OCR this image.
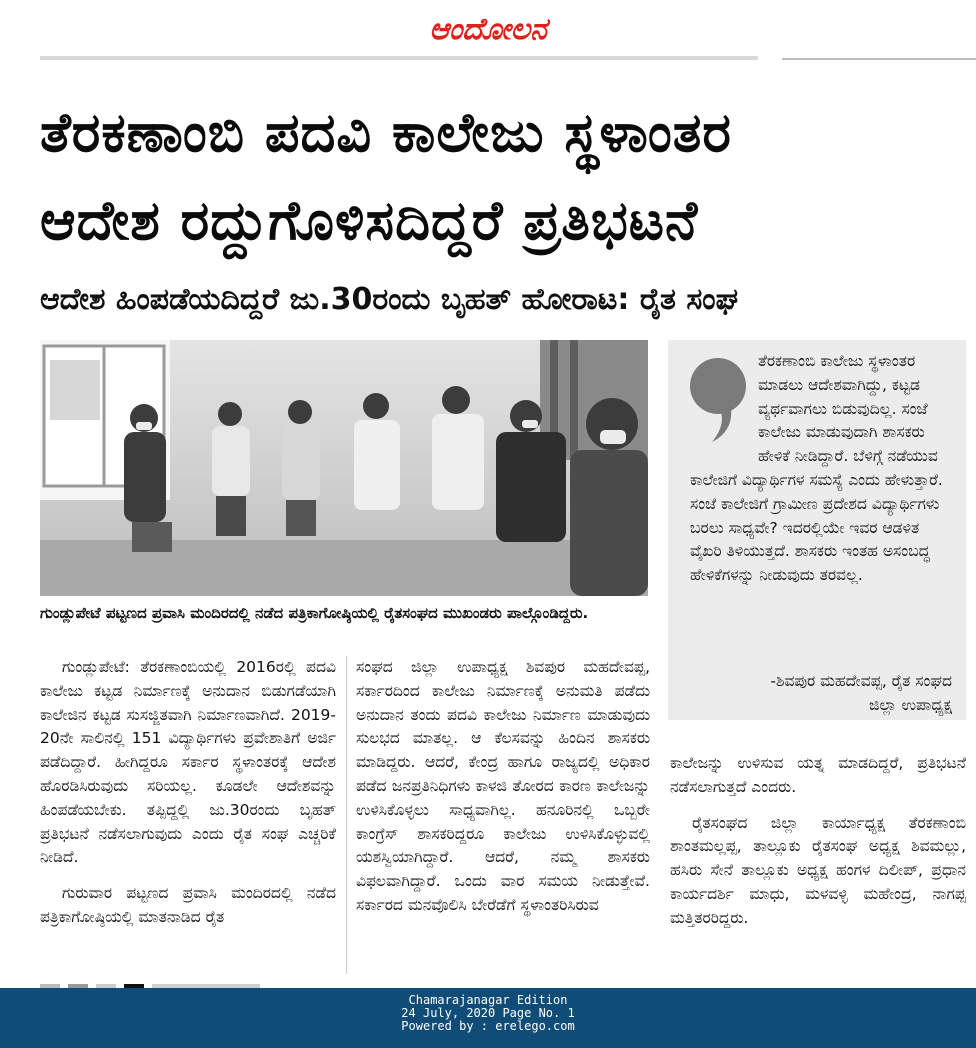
ಆಂದೋಲನ
ತೆರಕಣಾಂಬಿ ಪದವಿ ಕಾಲೇಜು ಸ್ಥಳಾಂತರ
ಆದೇಶ ರದ್ದುಗೊಳಿಸದಿದ್ದರೆ ಪ್ರತಿಭಟನೆ
ಆದೇಶ ಹಿಂಪಡೆಯದಿದ್ದರೆ ಜು.30ರಂದು ಬೃಹತ್ ಹೋರಾಟ: ರೈತ ಸಂಘ
ಗುಂಡ್ಲುಪೇಟೆ ಪಟ್ಟಣದ ಪ್ರವಾಸಿ ಮಂದಿರದಲ್ಲಿ ನಡೆದ ಪತ್ರಿಕಾಗೋಷ್ಠಿಯಲ್ಲಿ ರೈತಸಂಘದ ಮುಖಂಡರು ಪಾಲ್ಗೊಂಡಿದ್ದರು.

ಗುಂಡ್ಲುಪೇಟೆ: ತೆರಕಣಾಂಬಿಯಲ್ಲಿ 2016ರಲ್ಲಿ ಪದವಿ ಕಾಲೇಜು ಕಟ್ಟಡ ನಿರ್ಮಾಣಕ್ಕೆ ಅನುದಾನ ಬಿಡುಗಡೆಯಾಗಿ ಕಾಲೇಜಿನ ಕಟ್ಟಡ ಸುಸಜ್ಜಿತವಾಗಿ ನಿರ್ಮಾಣವಾಗಿದೆ. 2019-20ನೇ ಸಾಲಿನಲ್ಲಿ 151 ವಿದ್ಯಾರ್ಥಿಗಳು ಪ್ರವೇಶಾತಿಗೆ ಅರ್ಜಿ ಪಡೆದಿದ್ದಾರೆ. ಹೀಗಿದ್ದರೂ ಸರ್ಕಾರ ಸ್ಥಳಾಂತರಕ್ಕೆ ಆದೇಶ ಹೊರಡಿಸಿರುವುದು ಸರಿಯಲ್ಲ. ಕೂಡಲೇ ಆದೇಶವನ್ನು ಹಿಂಪಡೆಯಬೇಕು. ತಪ್ಪಿದ್ದಲ್ಲಿ ಜು.30ರಂದು ಬೃಹತ್ ಪ್ರತಿಭಟನೆ ನಡೆಸಲಾಗುವುದು ಎಂದು ರೈತ ಸಂಘ ಎಚ್ಚರಿಕೆ ನೀಡಿದೆ.

ಗುರುವಾರ ಪಟ್ಟಣದ ಪ್ರವಾಸಿ ಮಂದಿರದಲ್ಲಿ ನಡೆದ ಪತ್ರಿಕಾಗೋಷ್ಠಿಯಲ್ಲಿ ಮಾತನಾಡಿದ ರೈತ

ಸಂಘದ ಜಿಲ್ಲಾ ಉಪಾಧ್ಯಕ್ಷ ಶಿವಪುರ ಮಹದೇವಪ್ಪ, ಸರ್ಕಾರದಿಂದ ಕಾಲೇಜು ನಿರ್ಮಾಣಕ್ಕೆ ಅನುಮತಿ ಪಡೆದು ಅನುದಾನ ತಂದು ಪದವಿ ಕಾಲೇಜು ನಿರ್ಮಾಣ ಮಾಡುವುದು ಸುಲಭದ ಮಾತಲ್ಲ. ಆ ಕೆಲಸವನ್ನು ಹಿಂದಿನ ಶಾಸಕರು ಮಾಡಿದ್ದರು. ಆದರೆ, ಕೇಂದ್ರ ಹಾಗೂ ರಾಜ್ಯದಲ್ಲಿ ಅಧಿಕಾರ ಪಡೆದ ಜನಪ್ರತಿನಿಧಿಗಳು ಕಾಳಜಿ ತೋರದ ಕಾರಣ ಕಾಲೇಜನ್ನು ಉಳಿಸಿಕೊಳ್ಳಲು ಸಾಧ್ಯವಾಗಿಲ್ಲ. ಹನೂರಿನಲ್ಲಿ ಒಬ್ಬರೇ ಕಾಂಗ್ರೆಸ್ ಶಾಸಕರಿದ್ದರೂ ಕಾಲೇಜು ಉಳಿಸಿಕೊಳ್ಳುವಲ್ಲಿ ಯಶಸ್ವಿಯಾಗಿದ್ದಾರೆ. ಆದರೆ, ನಮ್ಮ ಶಾಸಕರು ವಿಫಲವಾಗಿದ್ದಾರೆ. ಒಂದು ವಾರ ಸಮಯ ನೀಡುತ್ತೇವೆ. ಸರ್ಕಾರದ ಮನವೊಲಿಸಿ ಬೇರೆಡೆಗೆ ಸ್ಥಳಾಂತರಿಸಿರುವ

ತೆರಕಣಾಂಬಿ ಕಾಲೇಜು ಸ್ಥಳಾಂತರ ಮಾಡಲು ಆದೇಶವಾಗಿದ್ದು, ಕಟ್ಟಡ ವ್ಯರ್ಥವಾಗಲು ಬಿಡುವುದಿಲ್ಲ. ಸಂಜೆ ಕಾಲೇಜು ಮಾಡುವುದಾಗಿ ಶಾಸಕರು ಹೇಳಿಕೆ ನೀಡಿದ್ದಾರೆ. ಬೆಳಿಗ್ಗೆ ನಡೆಯುವ ಕಾಲೇಜಿಗೆ ವಿದ್ಯಾರ್ಥಿಗಳ ಸಮಸ್ಯೆ ಎಂದು ಹೇಳುತ್ತಾರೆ. ಸಂಜೆ ಕಾಲೇಜಿಗೆ ಗ್ರಾಮೀಣ ಪ್ರದೇಶದ ವಿದ್ಯಾರ್ಥಿಗಳು ಬರಲು ಸಾಧ್ಯವೇ? ಇದರಲ್ಲಿಯೇ ಇವರ ಆಡಳಿತ ವೈಖರಿ ತಿಳಿಯುತ್ತದೆ. ಶಾಸಕರು ಇಂತಹ ಅಸಂಬದ್ಧ ಹೇಳಿಕೆಗಳನ್ನು ನೀಡುವುದು ತರವಲ್ಲ.
-ಶಿವಪುರ ಮಹದೇವಪ್ಪ, ರೈತ ಸಂಘದ
ಜಿಲ್ಲಾ ಉಪಾಧ್ಯಕ್ಷ

ಕಾಲೇಜನ್ನು ಉಳಿಸುವ ಯತ್ನ ಮಾಡದಿದ್ದರೆ, ಪ್ರತಿಭಟನೆ ನಡೆಸಲಾಗುತ್ತದೆ ಎಂದರು.

ರೈತಸಂಘದ ಜಿಲ್ಲಾ ಕಾರ್ಯಾಧ್ಯಕ್ಷ ತೆರಕಣಾಂಬಿ ಶಾಂತಮಲ್ಲಪ್ಪ, ತಾಲ್ಲೂಕು ರೈತಸಂಘ ಅಧ್ಯಕ್ಷ ಶಿವಮಲ್ಲು, ಹಸಿರು ಸೇನೆ ತಾಲ್ಲೂಕು ಅಧ್ಯಕ್ಷ ಹಂಗಳ ದಿಲೀಪ್, ಪ್ರಧಾನ ಕಾರ್ಯದರ್ಶಿ ಮಾಧು, ಮಳವಳ್ಳಿ ಮಹೇಂದ್ರ, ನಾಗಪ್ಪ ಮತ್ತಿತರರಿದ್ದರು.

Chamarajanagar Edition
24 July, 2020 Page No. 1
Powered by : erelego.com
